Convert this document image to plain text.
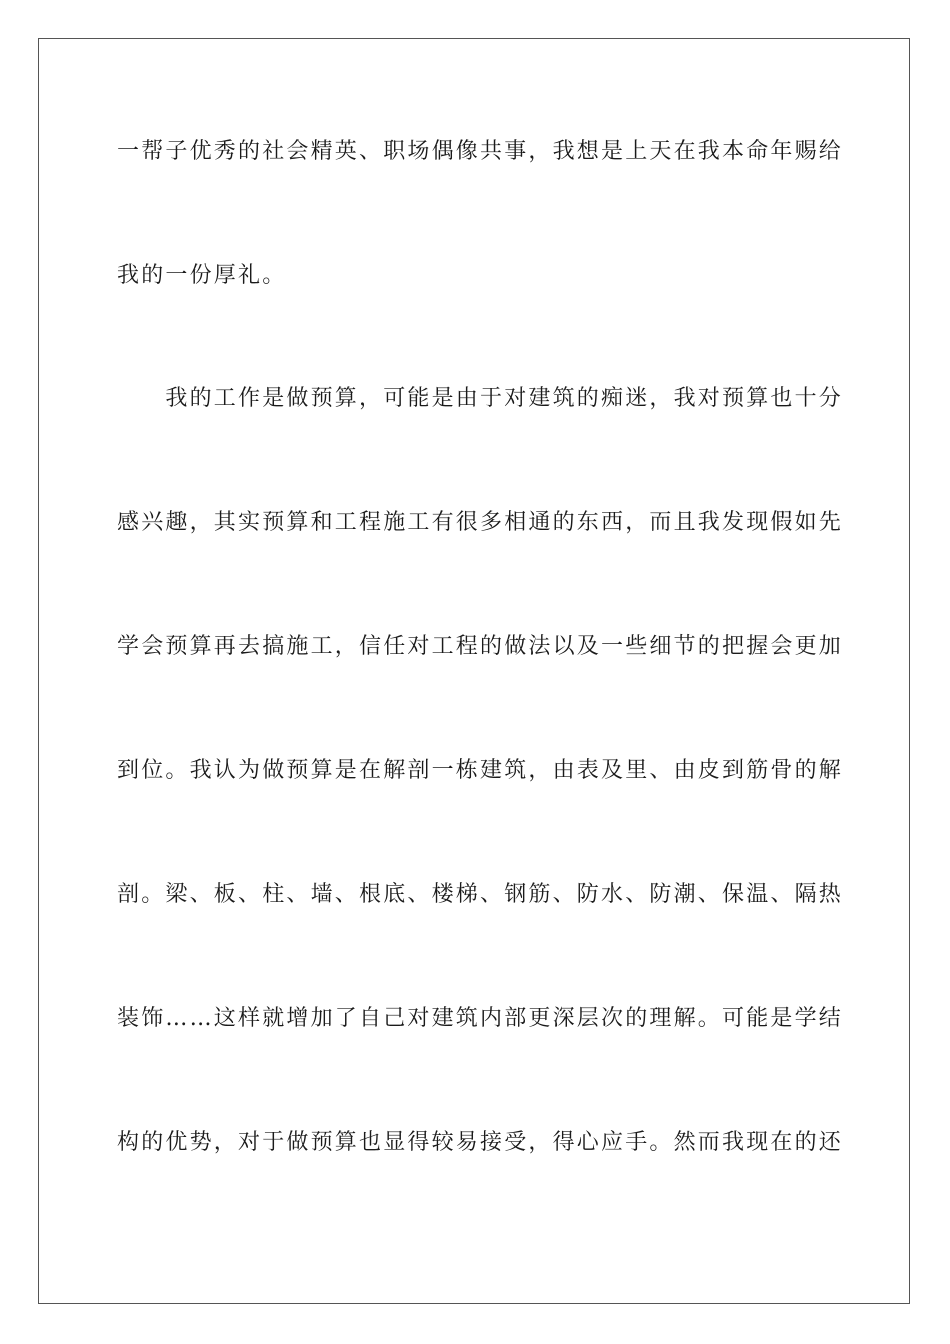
一帮子优秀的社会精英、职场偶像共事，我想是上天在我本命年赐给
我的一份厚礼。
　　我的工作是做预算，可能是由于对建筑的痴迷，我对预算也十分
感兴趣，其实预算和工程施工有很多相通的东西，而且我发现假如先
学会预算再去搞施工，信任对工程的做法以及一些细节的把握会更加
到位。我认为做预算是在解剖一栋建筑，由表及里、由皮到筋骨的解
剖。梁、板、柱、墙、根底、楼梯、钢筋、防水、防潮、保温、隔热
装饰……这样就增加了自己对建筑内部更深层次的理解。可能是学结
构的优势，对于做预算也显得较易接受，得心应手。然而我现在的还
